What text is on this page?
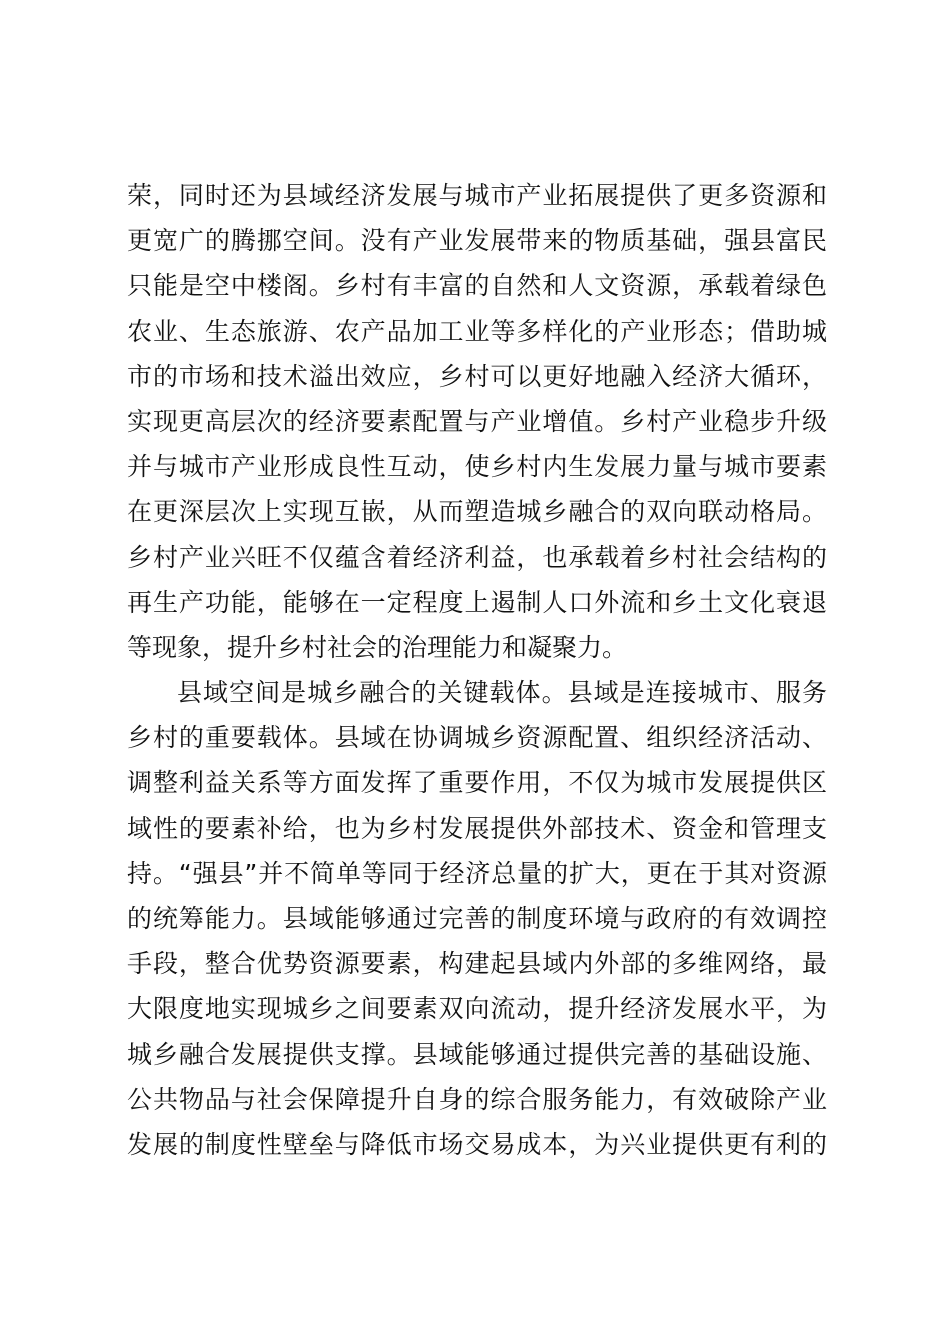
荣，同时还为县域经济发展与城市产业拓展提供了更多资源和
更宽广的腾挪空间。没有产业发展带来的物质基础，强县富民
只能是空中楼阁。乡村有丰富的自然和人文资源，承载着绿色
农业、生态旅游、农产品加工业等多样化的产业形态；借助城
市的市场和技术溢出效应，乡村可以更好地融入经济大循环，
实现更高层次的经济要素配置与产业增值。乡村产业稳步升级
并与城市产业形成良性互动，使乡村内生发展力量与城市要素
在更深层次上实现互嵌，从而塑造城乡融合的双向联动格局。
乡村产业兴旺不仅蕴含着经济利益，也承载着乡村社会结构的
再生产功能，能够在一定程度上遏制人口外流和乡土文化衰退
等现象，提升乡村社会的治理能力和凝聚力。
县域空间是城乡融合的关键载体。县域是连接城市、服务
乡村的重要载体。县域在协调城乡资源配置、组织经济活动、
调整利益关系等方面发挥了重要作用，不仅为城市发展提供区
域性的要素补给，也为乡村发展提供外部技术、资金和管理支
持。“强县”并不简单等同于经济总量的扩大，更在于其对资源
的统筹能力。县域能够通过完善的制度环境与政府的有效调控
手段，整合优势资源要素，构建起县域内外部的多维网络，最
大限度地实现城乡之间要素双向流动，提升经济发展水平，为
城乡融合发展提供支撑。县域能够通过提供完善的基础设施、
公共物品与社会保障提升自身的综合服务能力，有效破除产业
发展的制度性壁垒与降低市场交易成本，为兴业提供更有利的
